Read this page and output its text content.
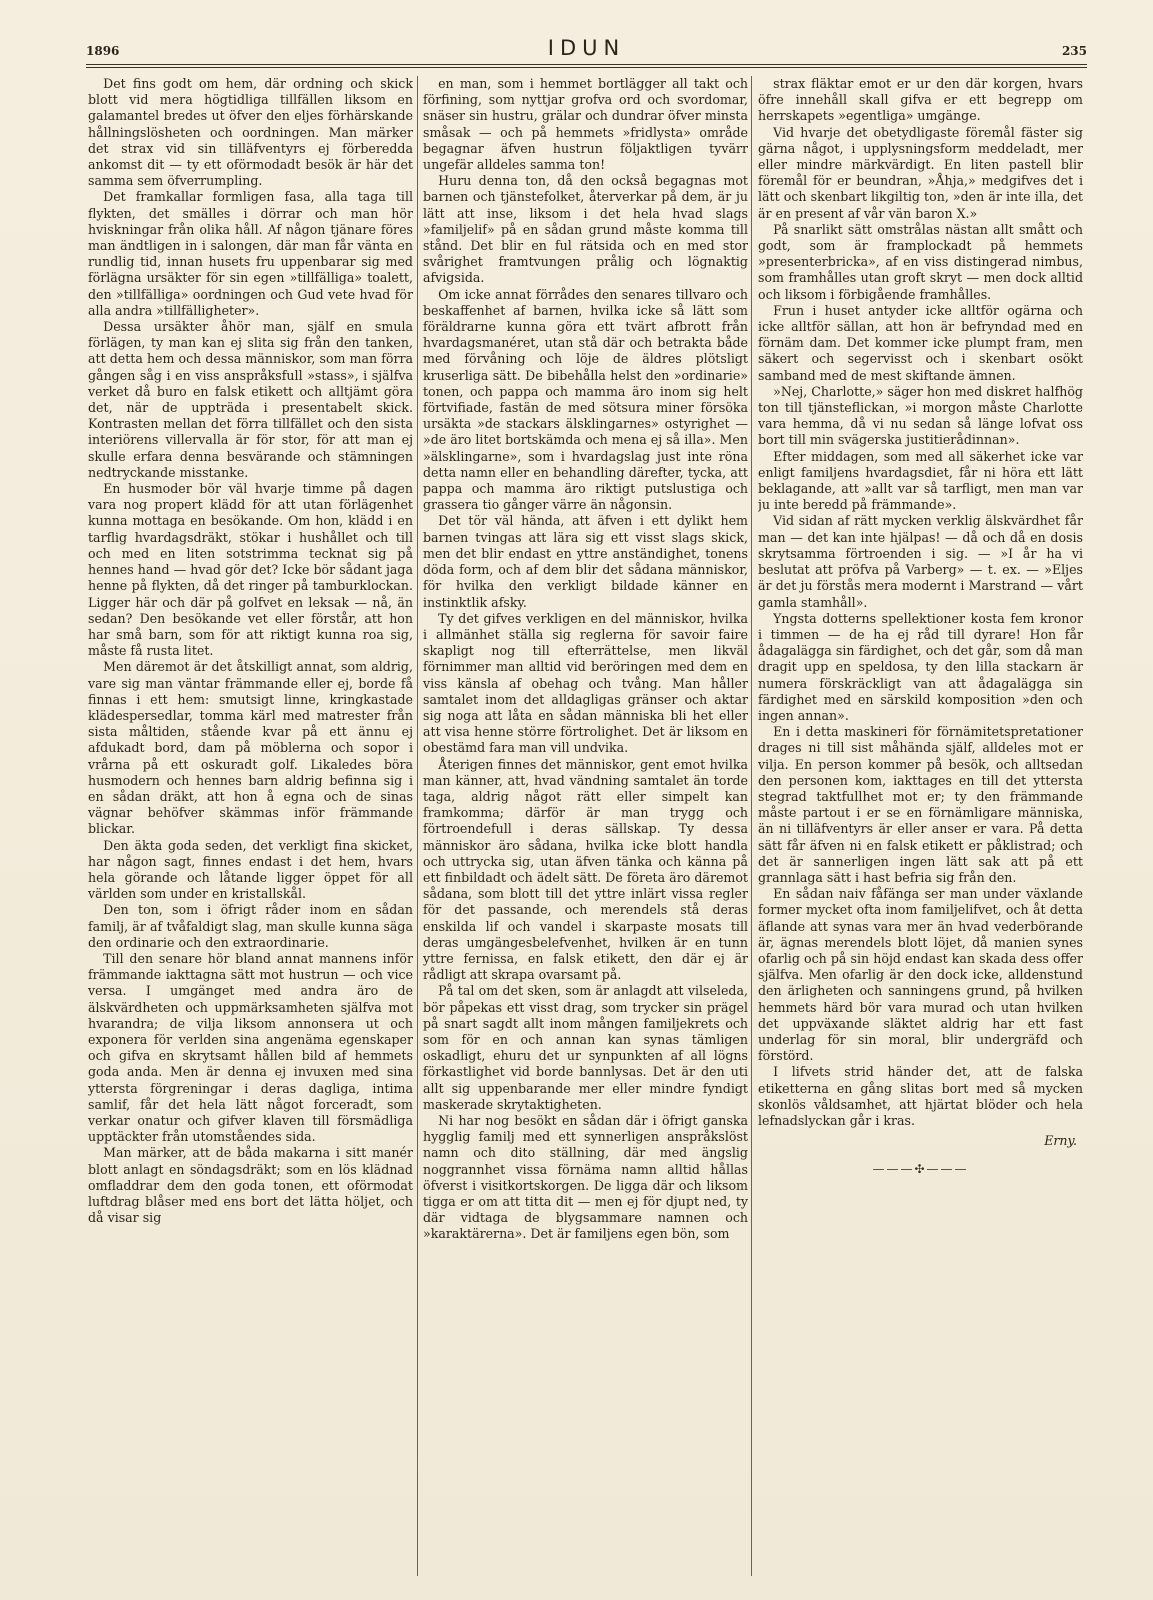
1896	IDUN	235

Det fins godt om hem, där ordning och skick blott vid mera högtidliga tillfällen liksom en galamantel bredes ut öfver den eljes förhärskande hållningslösheten och oordningen. Man märker det strax vid sin tilläfventyrs ej förberedda ankomst dit — ty ett oförmodadt besök är här det samma sem öfverrumpling.

Det framkallar formligen fasa, alla taga till flykten, det smälles i dörrar och man hör hviskningar från olika håll. Af någon tjänare föres man ändtligen in i salongen, där man får vänta en rundlig tid, innan husets fru uppenbarar sig med förlägna ursäkter för sin egen »tillfälliga» toalett, den »tillfälliga» oordningen och Gud vete hvad för alla andra »tillfälligheter».

Dessa ursäkter åhör man, själf en smula förlägen, ty man kan ej slita sig från den tanken, att detta hem och dessa människor, som man förra gången såg i en viss anspråksfull »stass», i själfva verket då buro en falsk etikett och alltjämt göra det, när de uppträda i presentabelt skick. Kontrasten mellan det förra tillfället och den sista interiörens villervalla är för stor, för att man ej skulle erfara denna besvärande och stämningen nedtryckande misstanke.

En husmoder bör väl hvarje timme på dagen vara nog propert klädd för att utan förlägenhet kunna mottaga en besökande. Om hon, klädd i en tarflig hvardagsdräkt, stökar i hushållet och till och med en liten sotstrimma tecknat sig på hennes hand — hvad gör det? Icke bör sådant jaga henne på flykten, då det ringer på tamburklockan. Ligger här och där på golfvet en leksak — nå, än sedan? Den besökande vet eller förstår, att hon har små barn, som för att riktigt kunna roa sig, måste få rusta litet.

Men däremot är det åtskilligt annat, som aldrig, vare sig man väntar främmande eller ej, borde få finnas i ett hem: smutsigt linne, kringkastade klädespersedlar, tomma kärl med matrester från sista måltiden, stående kvar på ett ännu ej afdukadt bord, dam på möblerna och sopor i vrårna på ett oskuradt golf. Likaledes böra husmodern och hennes barn aldrig befinna sig i en sådan dräkt, att hon å egna och de sinas vägnar behöfver skämmas inför främmande blickar.

Den äkta goda seden, det verkligt fina skicket, har någon sagt, finnes endast i det hem, hvars hela görande och låtande ligger öppet för all världen som under en kristallskål.

Den ton, som i öfrigt råder inom en sådan familj, är af tvåfaldigt slag, man skulle kunna säga den ordinarie och den extraordinarie.

Till den senare hör bland annat mannens inför främmande iakttagna sätt mot hustrun — och vice versa. I umgänget med andra äro de älskvärdheten och uppmärksamheten själfva mot hvarandra; de vilja liksom annonsera ut och exponera för verlden sina angenäma egenskaper och gifva en skrytsamt hållen bild af hemmets goda anda. Men är denna ej invuxen med sina yttersta förgreningar i deras dagliga, intima samlif, får det hela lätt något forceradt, som verkar onatur och gifver klaven till försmädliga upptäckter från utomståendes sida.

Man märker, att de båda makarna i sitt manér blott anlagt en söndagsdräkt; som en lös klädnad omfladdrar dem den goda tonen, ett oförmodat luftdrag blåser med ens bort det lätta höljet, och då visar sig

en man, som i hemmet bortlägger all takt och förfining, som nyttjar grofva ord och svordomar, snäser sin hustru, grälar och dundrar öfver minsta småsak — och på hemmets »fridlysta» område begagnar äfven hustrun följaktligen tyvärr ungefär alldeles samma ton!

Huru denna ton, då den också begagnas mot barnen och tjänstefolket, återverkar på dem, är ju lätt att inse, liksom i det hela hvad slags »familjelif» på en sådan grund måste komma till stånd. Det blir en ful rätsida och en med stor svårighet framtvungen prålig och lögnaktig afvigsida.

Om icke annat förrådes den senares tillvaro och beskaffenhet af barnen, hvilka icke så lätt som föräldrarne kunna göra ett tvärt afbrott från hvardagsmanéret, utan stå där och betrakta både med förvåning och löje de äldres plötsligt kruserliga sätt. De bibehålla helst den »ordinarie» tonen, och pappa och mamma äro inom sig helt förtvifiade, fastän de med sötsura miner försöka ursäkta »de stackars älsklingarnes» ostyrighet — »de äro litet bortskämda och mena ej så illa». Men »älsklingarne», som i hvardagslag just inte röna detta namn eller en behandling därefter, tycka, att pappa och mamma äro riktigt putslustiga och grassera tio gånger värre än någonsin.

Det tör väl hända, att äfven i ett dylikt hem barnen tvingas att lära sig ett visst slags skick, men det blir endast en yttre anständighet, tonens döda form, och af dem blir det sådana människor, för hvilka den verkligt bildade känner en instinktlik afsky.

Ty det gifves verkligen en del människor, hvilka i allmänhet ställa sig reglerna för savoir faire skapligt nog till efterrättelse, men likväl förnimmer man alltid vid beröringen med dem en viss känsla af obehag och tvång. Man håller samtalet inom det alldagligas gränser och aktar sig noga att låta en sådan människa bli het eller att visa henne större förtrolighet. Det är liksom en obestämd fara man vill undvika.

Återigen finnes det människor, gent emot hvilka man känner, att, hvad vändning samtalet än torde taga, aldrig något rätt eller simpelt kan framkomma; därför är man trygg och förtroendefull i deras sällskap. Ty dessa människor äro sådana, hvilka icke blott handla och uttrycka sig, utan äfven tänka och känna på ett finbildadt och ädelt sätt. De företa äro däremot sådana, som blott till det yttre inlärt vissa regler för det passande, och merendels stå deras enskilda lif och vandel i skarpaste mosats till deras umgängesbelefvenhet, hvilken är en tunn yttre fernissa, en falsk etikett, den där ej är rådligt att skrapa ovarsamt på.

På tal om det sken, som är anlagdt att vilseleda, bör påpekas ett visst drag, som trycker sin prägel på snart sagdt allt inom mången familjekrets och som för en och annan kan synas tämligen oskadligt, ehuru det ur synpunkten af all lögns förkastlighet vid borde bannlysas. Det är den uti allt sig uppenbarande mer eller mindre fyndigt maskerade skrytaktigheten.

Ni har nog besökt en sådan där i öfrigt ganska hygglig familj med ett synnerligen anspråkslöst namn och dito ställning, där med ängslig noggrannhet vissa förnäma namn alltid hållas öfverst i visitkortskorgen. De ligga där och liksom tigga er om att titta dit — men ej för djupt ned, ty där vidtaga de blygsammare namnen och »karaktärerna». Det är familjens egen bön, som

strax fläktar emot er ur den där korgen, hvars öfre innehåll skall gifva er ett begrepp om herrskapets »egentliga» umgänge.

Vid hvarje det obetydligaste föremål fäster sig gärna något, i upplysningsform meddeladt, mer eller mindre märkvärdigt. En liten pastell blir föremål för er beundran, »Åhja,» medgifves det i lätt och skenbart likgiltig ton, »den är inte illa, det är en present af vår vän baron X.»

På snarlikt sätt omstrålas nästan allt smått och godt, som är framplockadt på hemmets »presenterbricka», af en viss distingerad nimbus, som framhålles utan groft skryt — men dock alltid och liksom i förbigående framhålles.

Frun i huset antyder icke alltför ogärna och icke alltför sällan, att hon är befryndad med en förnäm dam. Det kommer icke plumpt fram, men säkert och segervisst och i skenbart osökt samband med de mest skiftande ämnen.

»Nej, Charlotte,» säger hon med diskret halfhög ton till tjänsteflickan, »i morgon måste Charlotte vara hemma, då vi nu sedan så länge lofvat oss bort till min svägerska justitierådinnan».

Efter middagen, som med all säkerhet icke var enligt familjens hvardagsdiet, får ni höra ett lätt beklagande, att »allt var så tarfligt, men man var ju inte beredd på främmande».

Vid sidan af rätt mycken verklig älskvärdhet får man — det kan inte hjälpas! — då och då en dosis skrytsamma förtroenden i sig. — »I år ha vi beslutat att pröfva på Varberg» — t. ex. — »Eljes är det ju förstås mera modernt i Marstrand — vårt gamla stamhåll».

Yngsta dotterns spellektioner kosta fem kronor i timmen — de ha ej råd till dyrare! Hon får ådagalägga sin färdighet, och det går, som då man dragit upp en speldosa, ty den lilla stackarn är numera förskräckligt van att ådagalägga sin färdighet med en särskild komposition »den och ingen annan».

En i detta maskineri för förnämitetspretationer drages ni till sist måhända själf, alldeles mot er vilja. En person kommer på besök, och alltsedan den personen kom, iakttages en till det yttersta stegrad taktfullhet mot er; ty den främmande måste partout i er se en förnämligare människa, än ni tilläfventyrs är eller anser er vara. På detta sätt får äfven ni en falsk etikett er påklistrad; och det är sannerligen ingen lätt sak att på ett grannlaga sätt i hast befria sig från den.

En sådan naiv fåfänga ser man under växlande former mycket ofta inom familjelifvet, och åt detta äflande att synas vara mer än hvad vederbörande är, ägnas merendels blott löjet, då manien synes ofarlig och på sin höjd endast kan skada dess offer själfva. Men ofarlig är den dock icke, alldenstund den ärligheten och sanningens grund, på hvilken hemmets härd bör vara murad och utan hvilken det uppväxande släktet aldrig har ett fast underlag för sin moral, blir undergräfd och förstörd.

I lifvets strid händer det, att de falska etiketterna en gång slitas bort med så mycken skonlös våldsamhet, att hjärtat blöder och hela lefnadslyckan går i kras.

Erny.
———✣———
